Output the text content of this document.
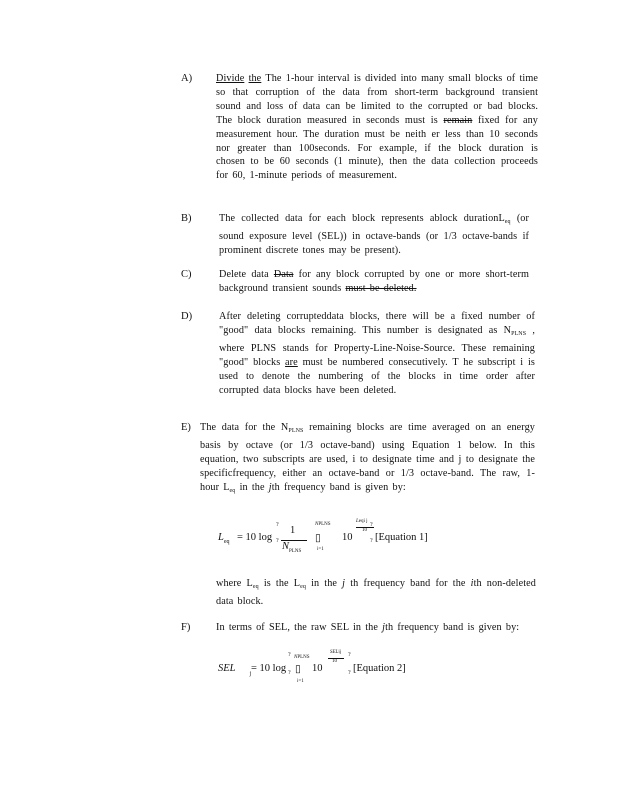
A) Divide the The 1-hour interval is divided into many small blocks of time so that corruption of the data from short-term background transient sound and loss of data can be limited to the corrupted or bad blocks. The block duration measured in seconds must is remain fixed for any measurement hour. The duration must be neith er less than 10 seconds nor greater than 100seconds. For example, if the block duration is chosen to be 60 seconds (1 minute), then the data collection proceeds for 60, 1-minute periods of measurement.
B)	The collected data for each block represents ablock durationL$_{eq}$ (or sound exposure level (SEL)) in octave-bands (or 1/3 octave-bands if prominent discrete tones may be present).
C)	Delete data Data for any block corrupted by one or more short-term background transient sounds must be deleted.
D)	After deleting corrupteddata blocks, there will be a fixed number of "good" data blocks remaining. This number is designated as $N_{PLNS}$ , where PLNS stands for Property-Line-Noise-Source. These remaining "good" blocks are must be numbered consecutively. T he subscript i is used to denote the numbering of the blocks in time order after corrupted data blocks have been deleted.
E) The data for the $N_{PLNS}$ remaining blocks are time averaged on an energy basis by octave (or 1/3 octave-band) using Equation 1 below. In this equation, two subscripts are used, i to designate time and j to designate the specificfrequency, either an octave-band or 1/3 octave-band. The raw, 1- hour $L_{eq}$ in the jth frequency band is given by:
$L_{eq} = 10$ log
?
?
1
$N_{PLNS}$
NPLNS
▯
i=1
10
Leqi j
10
?
? [Equation 1]
where $L_{eq}$ is the $L_{eq}$ in the j th frequency band for the ith non-deleted data block.
F)	In terms of SEL, the raw SEL in the jth frequency band is given by:
SEL $_j$ = 10 log
?
?
NPLNS
▯
i=1
10
SELij
10
?
? [Equation 2]
